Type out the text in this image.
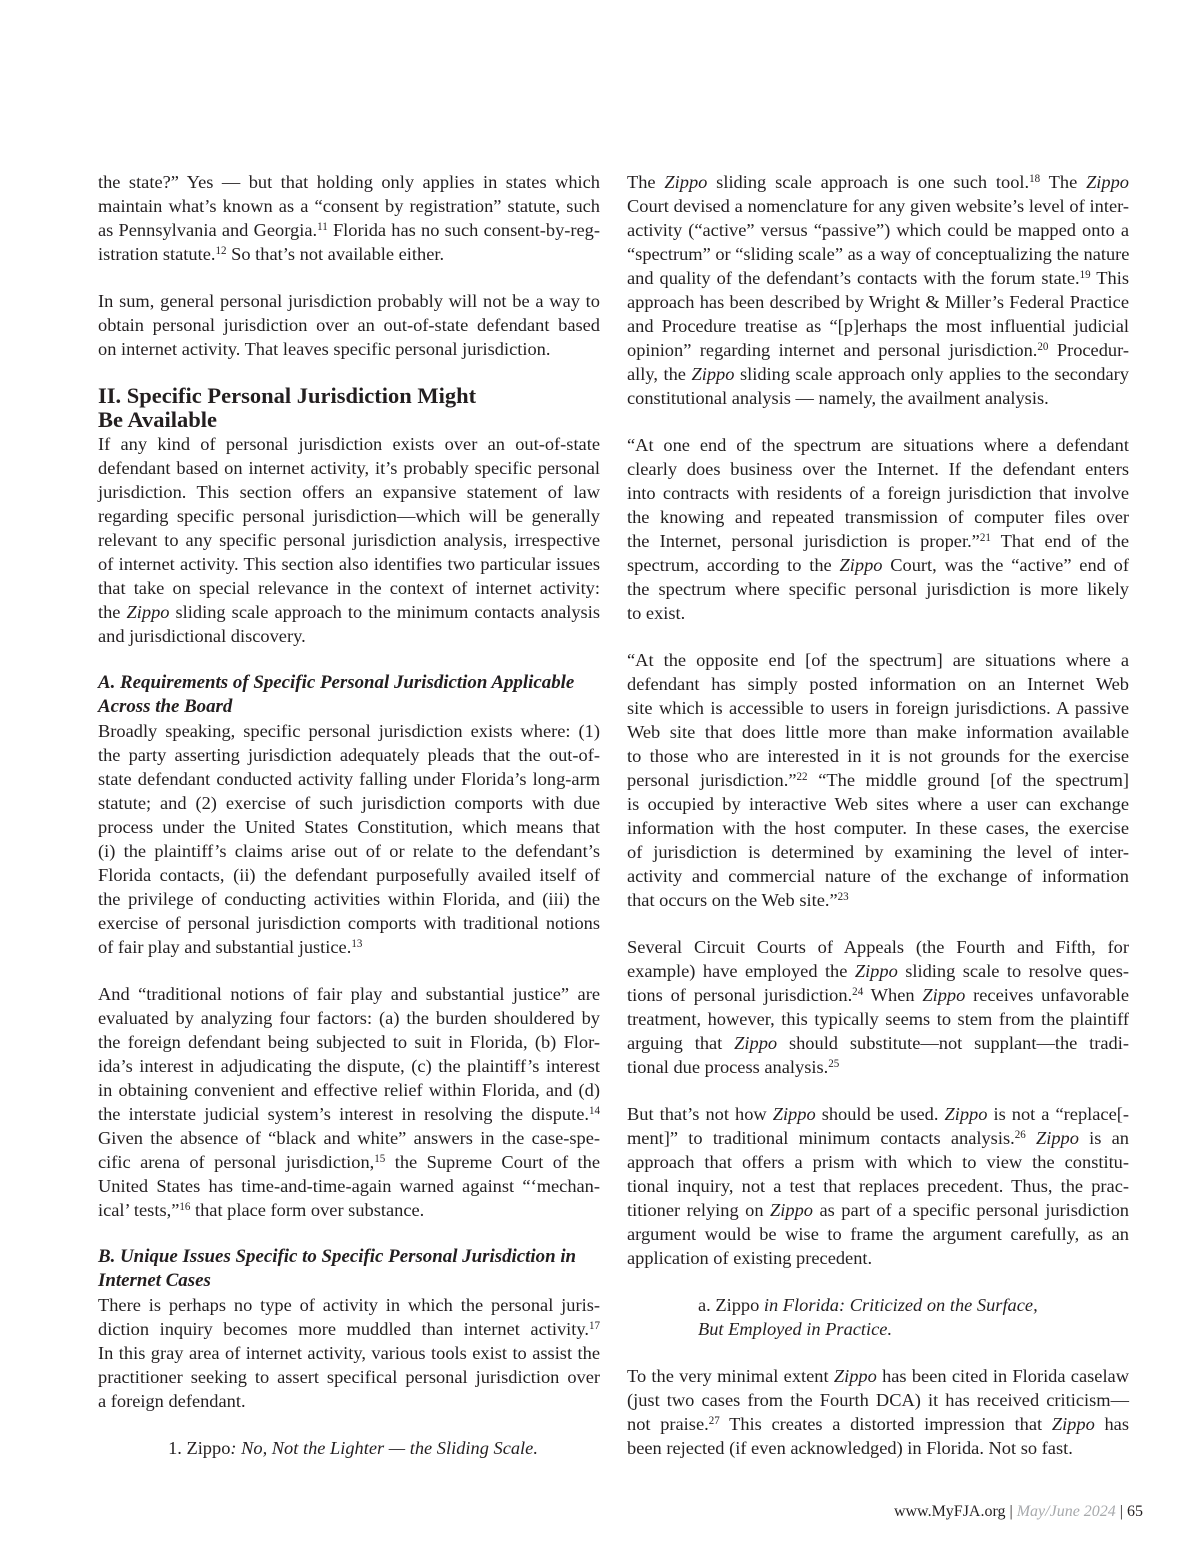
the state?” Yes — but that holding only applies in states which
maintain what’s known as a “consent by registration” statute, such
as Pennsylvania and Georgia.$^{11}$ Florida has no such consent-by-reg-
istration statute.$^{12}$ So that’s not available either.
In sum, general personal jurisdiction probably will not be a way to
obtain personal jurisdiction over an out-of-state defendant based
on internet activity. That leaves specific personal jurisdiction.
II. Specific Personal Jurisdiction Might
Be Available
If any kind of personal jurisdiction exists over an out-of-state
defendant based on internet activity, it’s probably specific personal
jurisdiction. This section offers an expansive statement of law
regarding specific personal jurisdiction—which will be generally
relevant to any specific personal jurisdiction analysis, irrespective
of internet activity. This section also identifies two particular issues
that take on special relevance in the context of internet activity:
the Zippo sliding scale approach to the minimum contacts analysis
and jurisdictional discovery.
A. Requirements of Specific Personal Jurisdiction Applicable
Across the Board
Broadly speaking, specific personal jurisdiction exists where: (1)
the party asserting jurisdiction adequately pleads that the out-of-
state defendant conducted activity falling under Florida’s long-arm
statute; and (2) exercise of such jurisdiction comports with due
process under the United States Constitution, which means that
(i) the plaintiff’s claims arise out of or relate to the defendant’s
Florida contacts, (ii) the defendant purposefully availed itself of
the privilege of conducting activities within Florida, and (iii) the
exercise of personal jurisdiction comports with traditional notions
of fair play and substantial justice.$^{13}$
And “traditional notions of fair play and substantial justice” are
evaluated by analyzing four factors: (a) the burden shouldered by
the foreign defendant being subjected to suit in Florida, (b) Flor-
ida’s interest in adjudicating the dispute, (c) the plaintiff’s interest
in obtaining convenient and effective relief within Florida, and (d)
the interstate judicial system’s interest in resolving the dispute.$^{14}$
Given the absence of “black and white” answers in the case-spe-
cific arena of personal jurisdiction,$^{15}$ the Supreme Court of the
United States has time-and-time-again warned against “‘mechan-
ical’ tests,”$^{16}$ that place form over substance.
B. Unique Issues Specific to Specific Personal Jurisdiction in
Internet Cases
There is perhaps no type of activity in which the personal juris-
diction inquiry becomes more muddled than internet activity.$^{17}$
In this gray area of internet activity, various tools exist to assist the
practitioner seeking to assert specifical personal jurisdiction over
a foreign defendant.
1. Zippo: No, Not the Lighter — the Sliding Scale.
The Zippo sliding scale approach is one such tool.$^{18}$ The Zippo
Court devised a nomenclature for any given website’s level of inter-
activity (“active” versus “passive”) which could be mapped onto a
“spectrum” or “sliding scale” as a way of conceptualizing the nature
and quality of the defendant’s contacts with the forum state.$^{19}$ This
approach has been described by Wright & Miller’s Federal Practice
and Procedure treatise as “[p]erhaps the most influential judicial
opinion” regarding internet and personal jurisdiction.$^{20}$ Procedur-
ally, the Zippo sliding scale approach only applies to the secondary
constitutional analysis — namely, the availment analysis.
“At one end of the spectrum are situations where a defendant
clearly does business over the Internet. If the defendant enters
into contracts with residents of a foreign jurisdiction that involve
the knowing and repeated transmission of computer files over
the Internet, personal jurisdiction is proper.”$^{21}$ That end of the
spectrum, according to the Zippo Court, was the “active” end of
the spectrum where specific personal jurisdiction is more likely
to exist.
“At the opposite end [of the spectrum] are situations where a
defendant has simply posted information on an Internet Web
site which is accessible to users in foreign jurisdictions. A passive
Web site that does little more than make information available
to those who are interested in it is not grounds for the exercise
personal jurisdiction.”$^{22}$ “The middle ground [of the spectrum]
is occupied by interactive Web sites where a user can exchange
information with the host computer. In these cases, the exercise
of jurisdiction is determined by examining the level of inter-
activity and commercial nature of the exchange of information
that occurs on the Web site.”$^{23}$
Several Circuit Courts of Appeals (the Fourth and Fifth, for
example) have employed the Zippo sliding scale to resolve ques-
tions of personal jurisdiction.$^{24}$ When Zippo receives unfavorable
treatment, however, this typically seems to stem from the plaintiff
arguing that Zippo should substitute—not supplant—the tradi-
tional due process analysis.$^{25}$
But that’s not how Zippo should be used. Zippo is not a “replace[-
ment]” to traditional minimum contacts analysis.$^{26}$ Zippo is an
approach that offers a prism with which to view the constitu-
tional inquiry, not a test that replaces precedent. Thus, the prac-
titioner relying on Zippo as part of a specific personal jurisdiction
argument would be wise to frame the argument carefully, as an
application of existing precedent.
a. Zippo in Florida: Criticized on the Surface,
But Employed in Practice.
To the very minimal extent Zippo has been cited in Florida caselaw
(just two cases from the Fourth DCA) it has received criticism—
not praise.$^{27}$ This creates a distorted impression that Zippo has
been rejected (if even acknowledged) in Florida. Not so fast.
www.MyFJA.org | May/June 2024 | 65
